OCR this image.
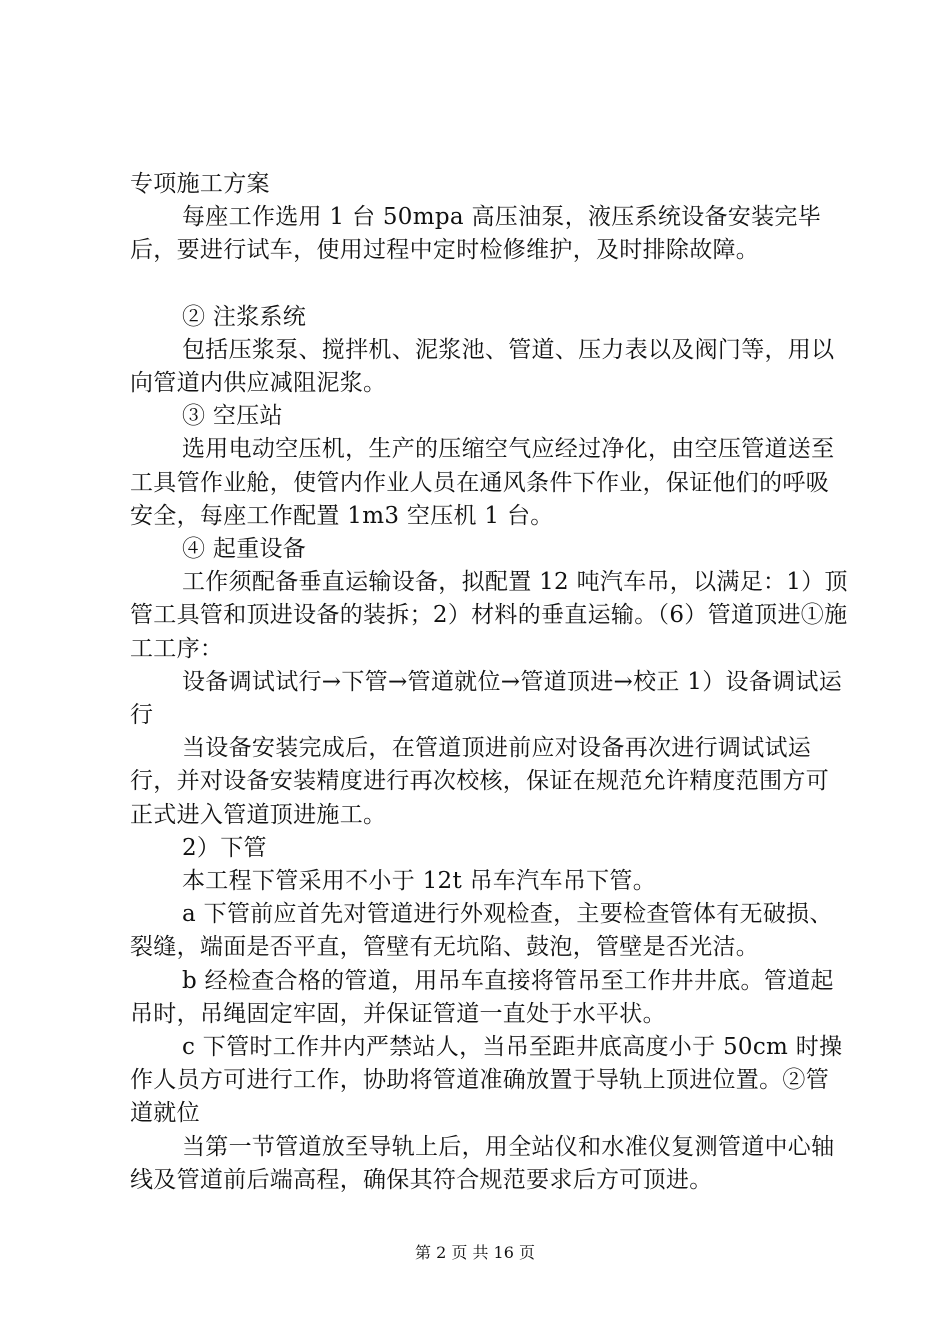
专项施工方案

每座工作选用 1 台 50mpa 高压油泵，液压系统设备安装完毕后，要进行试车，使用过程中定时检修维护，及时排除故障。

② 注浆系统

包括压浆泵、搅拌机、泥浆池、管道、压力表以及阀门等，用以向管道内供应减阻泥浆。

③ 空压站

选用电动空压机，生产的压缩空气应经过净化，由空压管道送至工具管作业舱，使管内作业人员在通风条件下作业，保证他们的呼吸安全，每座工作配置 1m3 空压机 1 台。

④ 起重设备

工作须配备垂直运输设备，拟配置 12 吨汽车吊，以满足：1）顶管工具管和顶进设备的装拆；2）材料的垂直运输。（6）管道顶进①施工工序：

设备调试试行→下管→管道就位→管道顶进→校正 1）设备调试运行

当设备安装完成后，在管道顶进前应对设备再次进行调试试运行，并对设备安装精度进行再次校核，保证在规范允许精度范围方可正式进入管道顶进施工。

2）下管

本工程下管采用不小于 12t 吊车汽车吊下管。

a 下管前应首先对管道进行外观检查，主要检查管体有无破损、裂缝，端面是否平直，管壁有无坑陷、鼓泡，管壁是否光洁。

b 经检查合格的管道，用吊车直接将管吊至工作井井底。管道起吊时，吊绳固定牢固，并保证管道一直处于水平状。

c 下管时工作井内严禁站人，当吊至距井底高度小于 50cm 时操作人员方可进行工作，协助将管道准确放置于导轨上顶进位置。②管道就位

当第一节管道放至导轨上后，用全站仪和水准仪复测管道中心轴线及管道前后端高程，确保其符合规范要求后方可顶进。

第 2 页 共 16 页
